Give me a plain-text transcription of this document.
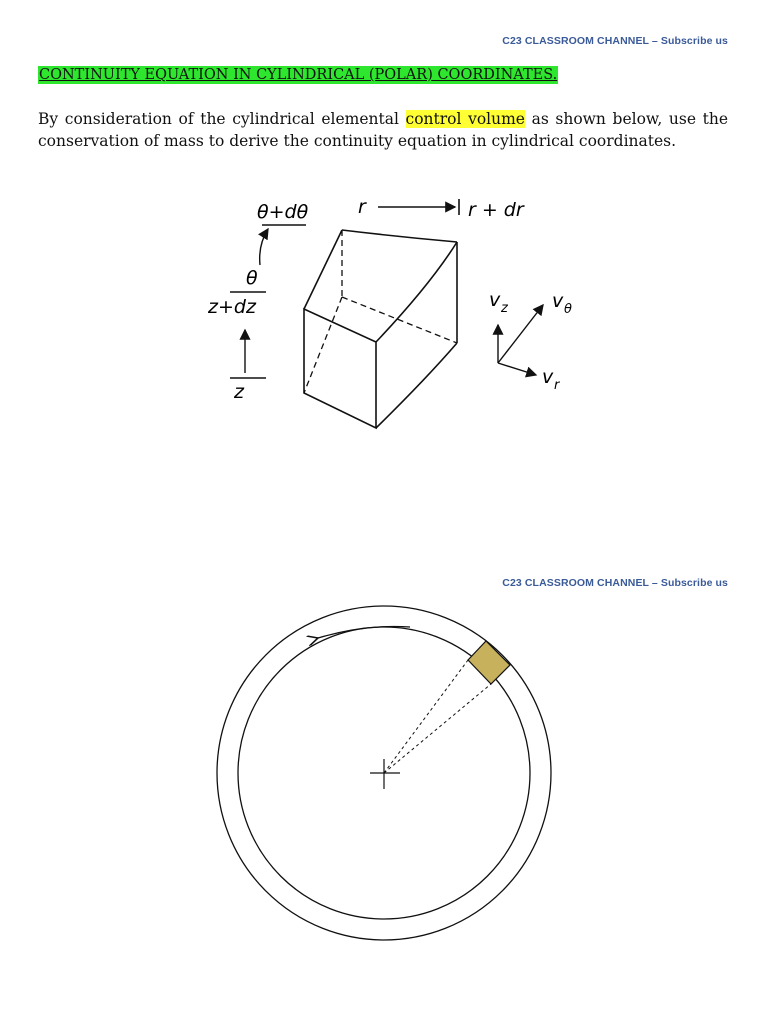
C23 CLASSROOM CHANNEL – Subscribe us
CONTINUITY EQUATION IN CYLINDRICAL (POLAR) COORDINATES.
By consideration of the cylindrical elemental control volume as shown below, use the conservation of mass to derive the continuity equation in cylindrical coordinates.
θ+dθ	r	r + dr
θ
z+dz
z
v z v θ
v r
C23 CLASSROOM CHANNEL – Subscribe us
